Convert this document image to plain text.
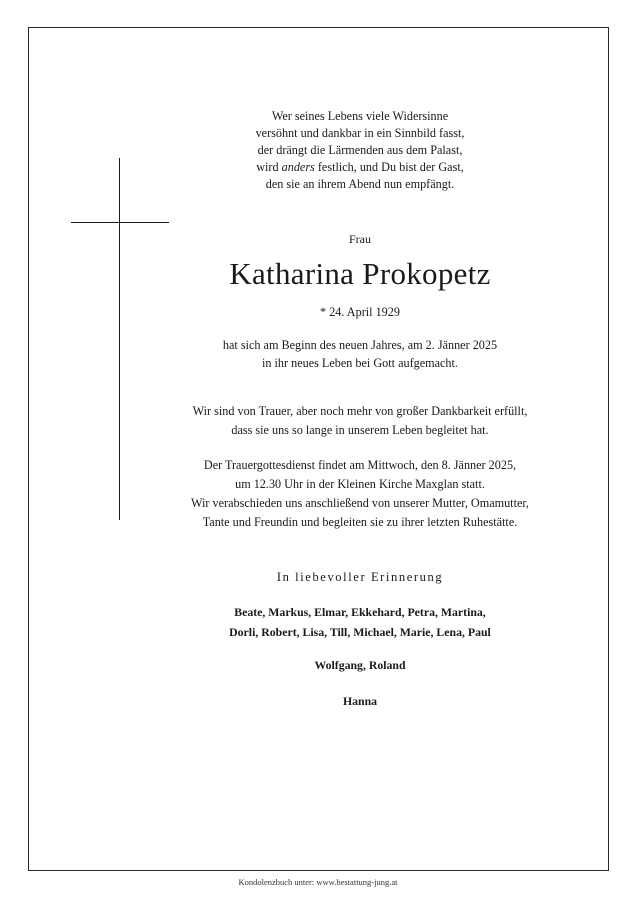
Wer seines Lebens viele Widersinne

versöhnt und dankbar in ein Sinnbild fasst,

der drängt die Lärmenden aus dem Palast,

wird anders festlich, und Du bist der Gast,

den sie an ihrem Abend nun empfängt.

Frau
Katharina Prokopetz
* 24. April 1929

hat sich am Beginn des neuen Jahres, am 2. Jänner 2025

in ihr neues Leben bei Gott aufgemacht.

Wir sind von Trauer, aber noch mehr von großer Dankbarkeit erfüllt,

dass sie uns so lange in unserem Leben begleitet hat.

Der Trauergottesdienst findet am Mittwoch, den 8. Jänner 2025,

um 12.30 Uhr in der Kleinen Kirche Maxglan statt.

Wir verabschieden uns anschließend von unserer Mutter, Omamutter,

Tante und Freundin und begleiten sie zu ihrer letzten Ruhestätte.

In liebevoller Erinnerung

Beate, Markus, Elmar, Ekkehard, Petra, Martina,

Dorli, Robert, Lisa, Till, Michael, Marie, Lena, Paul

Wolfgang, Roland
Hanna
Kondolenzbuch unter: www.bestattung-jung.at
